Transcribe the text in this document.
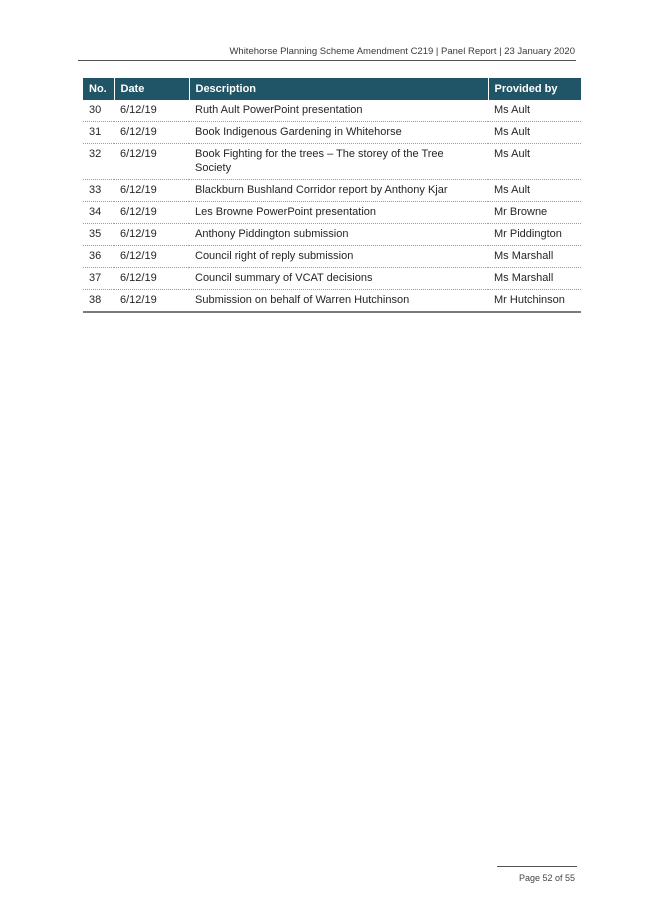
Whitehorse Planning Scheme Amendment C219 | Panel Report | 23 January 2020
No.	Date	Description	Provided by
30	6/12/19	Ruth Ault PowerPoint presentation	Ms Ault
31	6/12/19	Book Indigenous Gardening in Whitehorse	Ms Ault
32	6/12/19	Book Fighting for the trees – The storey of the Tree Society	Ms Ault
33	6/12/19	Blackburn Bushland Corridor report by Anthony Kjar	Ms Ault
34	6/12/19	Les Browne PowerPoint presentation	Mr Browne
35	6/12/19	Anthony Piddington submission	Mr Piddington
36	6/12/19	Council right of reply submission	Ms Marshall
37	6/12/19	Council summary of VCAT decisions	Ms Marshall
38	6/12/19	Submission on behalf of Warren Hutchinson	Mr Hutchinson
Page 52 of 55
